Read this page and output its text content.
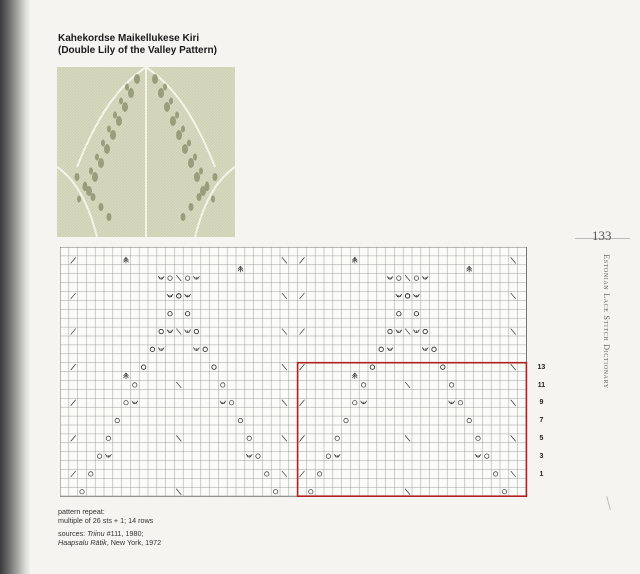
Kahekordse Maikellukese Kiri
(Double Lily of the Valley Pattern)
13
11
9
7
5
3
1
133
Estonian Lace Stitch Dictionary

pattern repeat:
multiple of 26 sts + 1; 14 rows

sources: Triinu #111, 1980;
Haapsalu Rätik, New York, 1972
